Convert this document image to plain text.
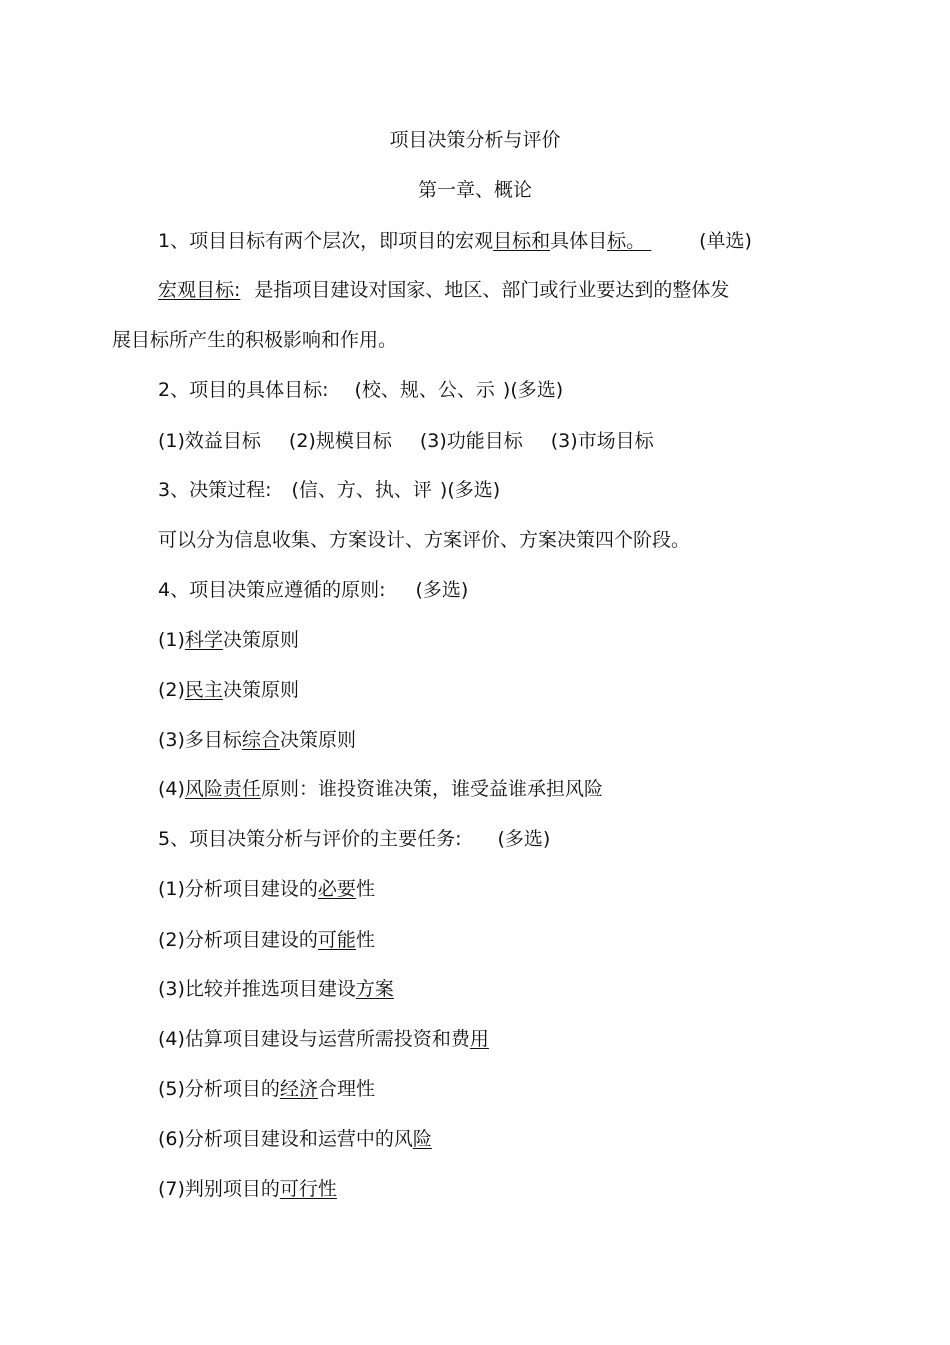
项目决策分析与评价
第一章、概论
1、项目目标有两个层次，即项目的宏观目标和具体目标。	(单选)
宏观目标: 是指项目建设对国家、地区、部门或行业要达到的整体发
展目标所产生的积极影响和作用。
2、项目的具体目标: (校、规、公、示 )(多选)
(1)效益目标 (2)规模目标 (3)功能目标 (3)市场目标
3、决策过程: (信、方、执、评 )(多选)
可以分为信息收集、方案设计、方案评价、方案决策四个阶段。
4、项目决策应遵循的原则: (多选)
(1)科学决策原则
(2)民主决策原则
(3)多目标综合决策原则
(4)风险责任原则：谁投资谁决策，谁受益谁承担风险
5、项目决策分析与评价的主要任务: (多选)
(1)分析项目建设的必要性
(2)分析项目建设的可能性
(3)比较并推选项目建设方案
(4)估算项目建设与运营所需投资和费用
(5)分析项目的经济合理性
(6)分析项目建设和运营中的风险
(7)判别项目的可行性
